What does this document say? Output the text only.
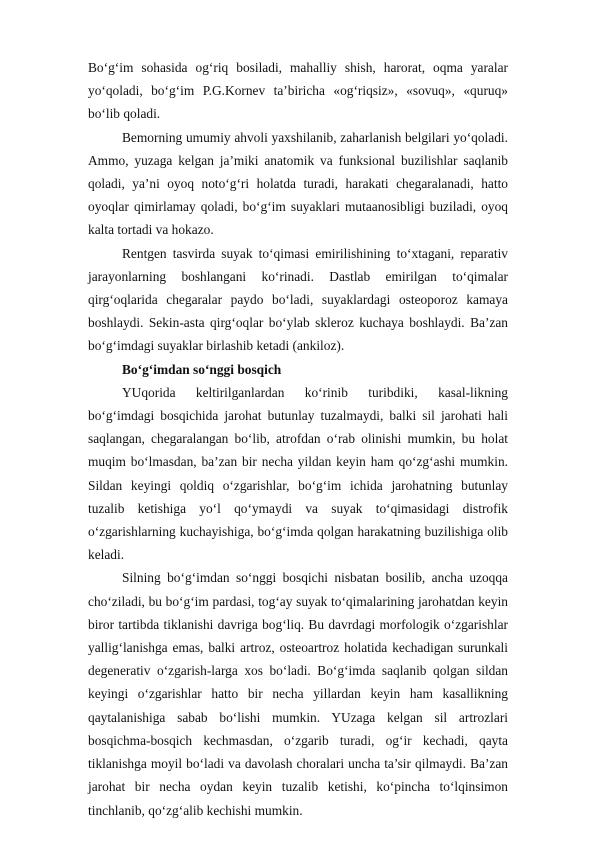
Bo‘g‘im sohasida og‘riq bosiladi, mahalliy shish, harorat, oqma yaralar yo‘qoladi, bo‘g‘im P.G.Kornev ta’biricha «og‘riqsiz», «sovuq», «quruq» bo‘lib qoladi.

Bemorning umumiy ahvoli yaxshilanib, zaharlanish belgilari yo‘qoladi. Ammo, yuzaga kelgan ja’miki anatomik va funksional buzilishlar saqlanib qoladi, ya’ni oyoq noto‘g‘ri holatda turadi, harakati chegaralanadi, hatto oyoqlar qimirlamay qoladi, bo‘g‘im suyaklari mutaanosibligi buziladi, oyoq kalta tortadi va hokazo.

Rentgen tasvirda suyak to‘qimasi emirilishining to‘xtagani, reparativ jarayonlarning boshlangani ko‘rinadi. Dastlab emirilgan to‘qimalar qirg‘oqlarida chegaralar paydo bo‘ladi, suyaklardagi osteoporoz kamaya boshlaydi. Sekin-asta qirg‘oqlar bo‘ylab skleroz kuchaya boshlaydi. Ba’zan bo‘g‘imdagi suyaklar birlashib ketadi (ankiloz).

Bo‘g‘imdan so‘nggi bosqich

YUqorida keltirilganlardan ko‘rinib turibdiki, kasal-likning bo‘g‘imdagi bosqichida jarohat butunlay tuzalmaydi, balki sil jarohati hali saqlangan, chegaralangan bo‘lib, atrofdan o‘rab olinishi mumkin, bu holat muqim bo‘lmasdan, ba’zan bir necha yildan keyin ham qo‘zg‘ashi mumkin. Sildan keyingi qoldiq o‘zgarishlar, bo‘g‘im ichida jarohatning butunlay tuzalib ketishiga yo‘l qo‘ymaydi va suyak to‘qimasidagi distrofik o‘zgarishlarning kuchayishiga, bo‘g‘imda qolgan harakatning buzilishiga olib keladi.

Silning bo‘g‘imdan so‘nggi bosqichi nisbatan bosilib, ancha uzoqqa cho‘ziladi, bu bo‘g‘im pardasi, tog‘ay suyak to‘qimalarining jarohatdan keyin biror tartibda tiklanishi davriga bog‘liq. Bu davrdagi morfologik o‘zgarishlar yallig‘lanishga emas, balki artroz, osteoartroz holatida kechadigan surunkali degenerativ o‘zgarish-larga xos bo‘ladi. Bo‘g‘imda saqlanib qolgan sildan keyingi o‘zgarishlar hatto bir necha yillardan keyin ham kasallikning qaytalanishiga sabab bo‘lishi mumkin. YUzaga kelgan sil artrozlari bosqichma-bosqich kechmasdan, o‘zgarib turadi, og‘ir kechadi, qayta tiklanishga moyil bo‘ladi va davolash choralari uncha ta’sir qilmaydi. Ba’zan jarohat bir necha oydan keyin tuzalib ketishi, ko‘pincha to‘lqinsimon tinchlanib, qo‘zg‘alib kechishi mumkin.
